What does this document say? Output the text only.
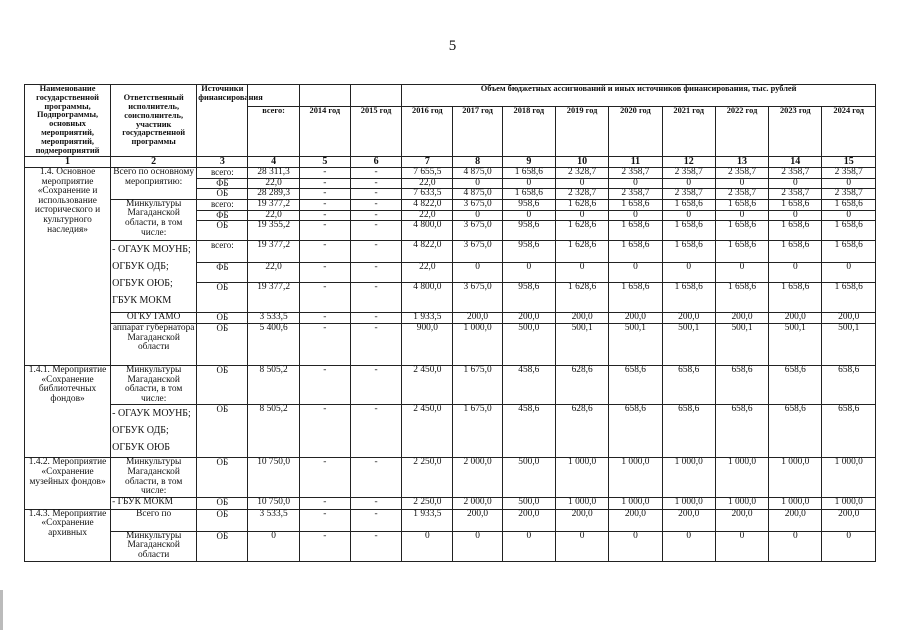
5
Наименование государственной программы, Подпрограммы, основных мероприятий, мероприятий, подмероприятий	Ответственный исполнитель, соисполнитель, участник государственной программы	Источники финансирования				Объем бюджетных ассигнований и иных источников финансирования, тыс. рублей								
			всего:	2014 год	2015 год	2016 год	2017 год	2018 год	2019 год	2020 год	2021 год	2022 год	2023 год	2024 год
1	2	3	4	5	6	7	8	9	10	11	12	13	14	15
1.4. Основное мероприятие «Сохранение и использование исторического и культурного наследия»	Всего по основному мероприятию:	всего:	28 311,3	-	-	7 655,5	4 875,0	1 658,6	2 328,7	2 358,7	2 358,7	2 358,7	2 358,7	2 358,7
		ФБ	22,0	-	-	22,0	0	0	0	0	0	0	0	0
		ОБ	28 289,3	-	-	7 633,5	4 875,0	1 658,6	2 328,7	2 358,7	2 358,7	2 358,7	2 358,7	2 358,7
	Минкультуры Магаданской области, в том числе:	всего:	19 377,2	-	-	4 822,0	3 675,0	958,6	1 628,6	1 658,6	1 658,6	1 658,6	1 658,6	1 658,6
		ФБ	22,0	-	-	22,0	0	0	0	0	0	0	0	0
		ОБ	19 355,2	-	-	4 800,0	3 675,0	958,6	1 628,6	1 658,6	1 658,6	1 658,6	1 658,6	1 658,6
	- ОГАУК МОУНБ; ОГБУК ОДБ; ОГБУК ОЮБ; ГБУК МОКМ	всего:	19 377,2	-	-	4 822,0	3 675,0	958,6	1 628,6	1 658,6	1 658,6	1 658,6	1 658,6	1 658,6
		ФБ	22,0	-	-	22,0	0	0	0	0	0	0	0	0
		ОБ	19 377,2	-	-	4 800,0	3 675,0	958,6	1 628,6	1 658,6	1 658,6	1 658,6	1 658,6	1 658,6
	ОГКУ ГАМО	ОБ	3 533,5	-	-	1 933,5	200,0	200,0	200,0	200,0	200,0	200,0	200,0	200,0
	аппарат губернатора Магаданской области	ОБ	5 400,6	-	-	900,0	1 000,0	500,0	500,1	500,1	500,1	500,1	500,1	500,1
1.4.1. Мероприятие «Сохранение библиотечных фондов»	Минкультуры Магаданской области, в том числе:	ОБ	8 505,2	-	-	2 450,0	1 675,0	458,6	628,6	658,6	658,6	658,6	658,6	658,6
	- ОГАУК МОУНБ; ОГБУК ОДБ; ОГБУК ОЮБ	ОБ	8 505,2	-	-	2 450,0	1 675,0	458,6	628,6	658,6	658,6	658,6	658,6	658,6
1.4.2. Мероприятие «Сохранение музейных фондов»	Минкультуры Магаданской области, в том числе:	ОБ	10 750,0	-	-	2 250,0	2 000,0	500,0	1 000,0	1 000,0	1 000,0	1 000,0	1 000,0	1 000,0
	- ГБУК МОКМ	ОБ	10 750,0	-	-	2 250,0	2 000,0	500,0	1 000,0	1 000,0	1 000,0	1 000,0	1 000,0	1 000,0
1.4.3. Мероприятие «Сохранение архивных	Всего по	ОБ	3 533,5	-	-	1 933,5	200,0	200,0	200,0	200,0	200,0	200,0	200,0	200,0
	Минкультуры Магаданской области	ОБ	0	-	-	0	0	0	0	0	0	0	0	0
